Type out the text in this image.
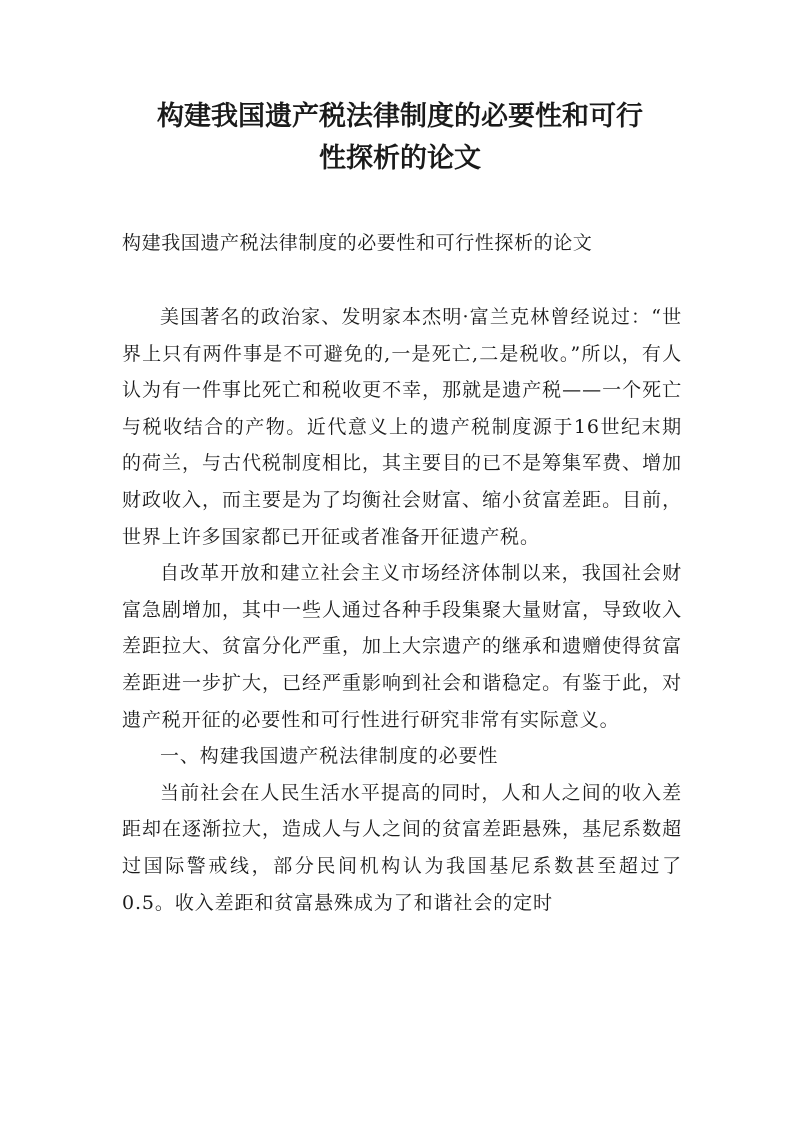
构建我国遗产税法律制度的必要性和可行
性探析的论文

构建我国遗产税法律制度的必要性和可行性探析的论文

美国著名的政治家、发明家本杰明·富兰克林曾经说过：“世界上只有两件事是不可避免的,一是死亡,二是税收。”所以，有人认为有一件事比死亡和税收更不幸，那就是遗产税——一个死亡与税收结合的产物。近代意义上的遗产税制度源于16世纪末期的荷兰，与古代税制度相比，其主要目的已不是筹集军费、增加财政收入，而主要是为了均衡社会财富、缩小贫富差距。目前，世界上许多国家都已开征或者准备开征遗产税。

自改革开放和建立社会主义市场经济体制以来，我国社会财富急剧增加，其中一些人通过各种手段集聚大量财富，导致收入差距拉大、贫富分化严重，加上大宗遗产的继承和遗赠使得贫富差距进一步扩大，已经严重影响到社会和谐稳定。有鉴于此，对遗产税开征的必要性和可行性进行研究非常有实际意义。

一、构建我国遗产税法律制度的必要性

当前社会在人民生活水平提高的同时，人和人之间的收入差距却在逐渐拉大，造成人与人之间的贫富差距悬殊，基尼系数超过国际警戒线，部分民间机构认为我国基尼系数甚至超过了0.5。收入差距和贫富悬殊成为了和谐社会的定时
